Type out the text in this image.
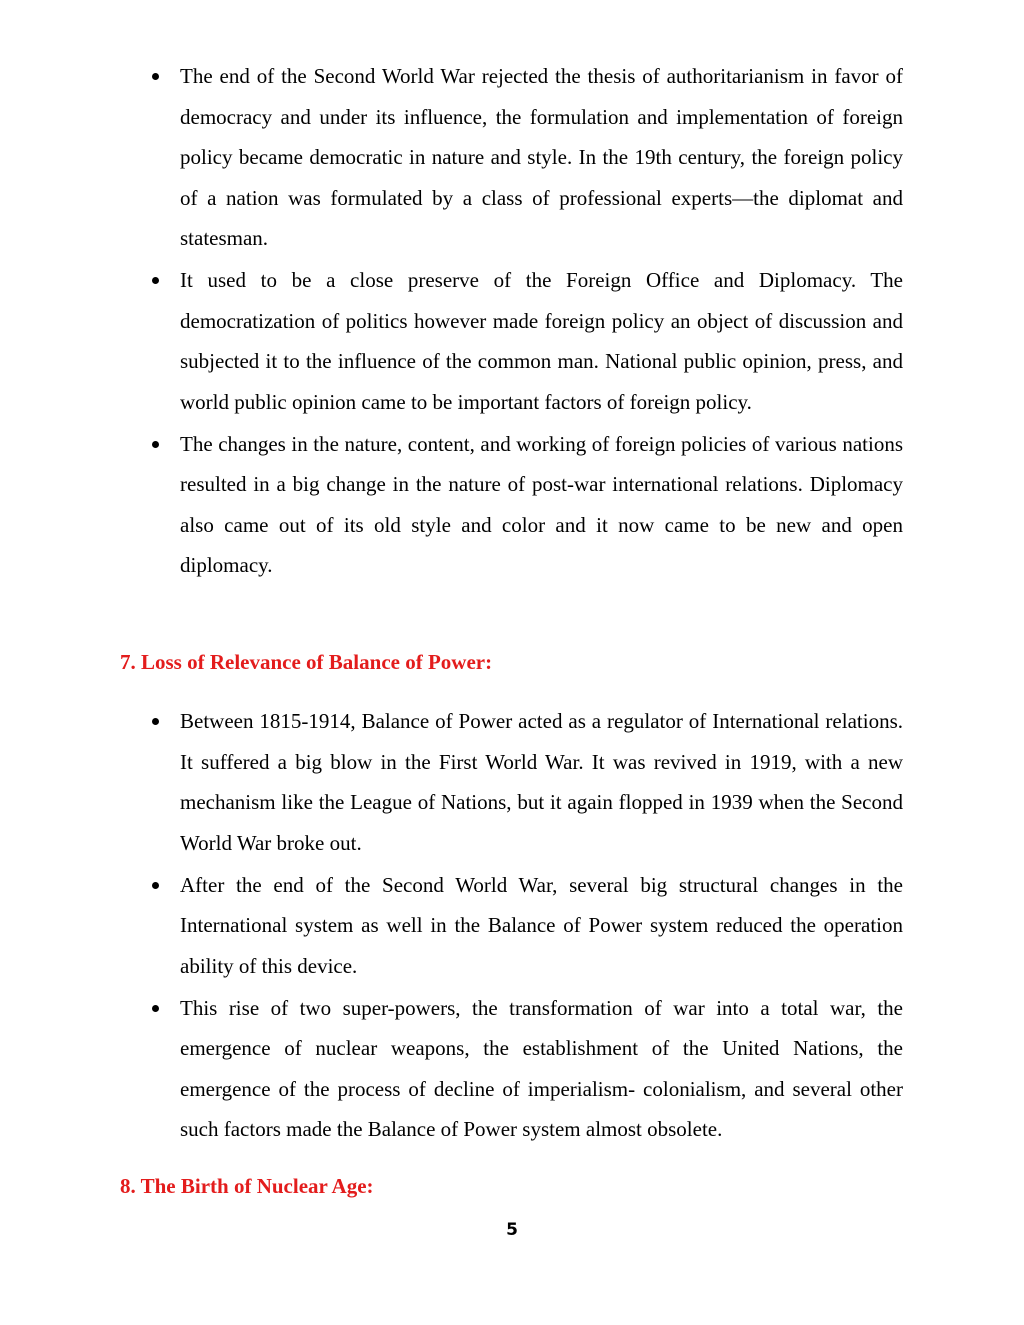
The end of the Second World War rejected the thesis of authoritarianism in favor of democracy and under its influence, the formulation and implementation of foreign policy became democratic in nature and style. In the 19th century, the foreign policy of a nation was formulated by a class of professional experts—the diplomat and statesman.
It used to be a close preserve of the Foreign Office and Diplomacy. The democratization of politics however made foreign policy an object of discussion and subjected it to the influence of the common man. National public opinion, press, and world public opinion came to be important factors of foreign policy.
The changes in the nature, content, and working of foreign policies of various nations resulted in a big change in the nature of post-war international relations. Diplomacy also came out of its old style and color and it now came to be new and open diplomacy.
7. Loss of Relevance of Balance of Power:
Between 1815-1914, Balance of Power acted as a regulator of International relations. It suffered a big blow in the First World War. It was revived in 1919, with a new mechanism like the League of Nations, but it again flopped in 1939 when the Second World War broke out.
After the end of the Second World War, several big structural changes in the International system as well in the Balance of Power system reduced the operation ability of this device.
This rise of two super-powers, the transformation of war into a total war, the emergence of nuclear weapons, the establishment of the United Nations, the emergence of the process of decline of imperialism- colonialism, and several other such factors made the Balance of Power system almost obsolete.
8. The Birth of Nuclear Age:
5
